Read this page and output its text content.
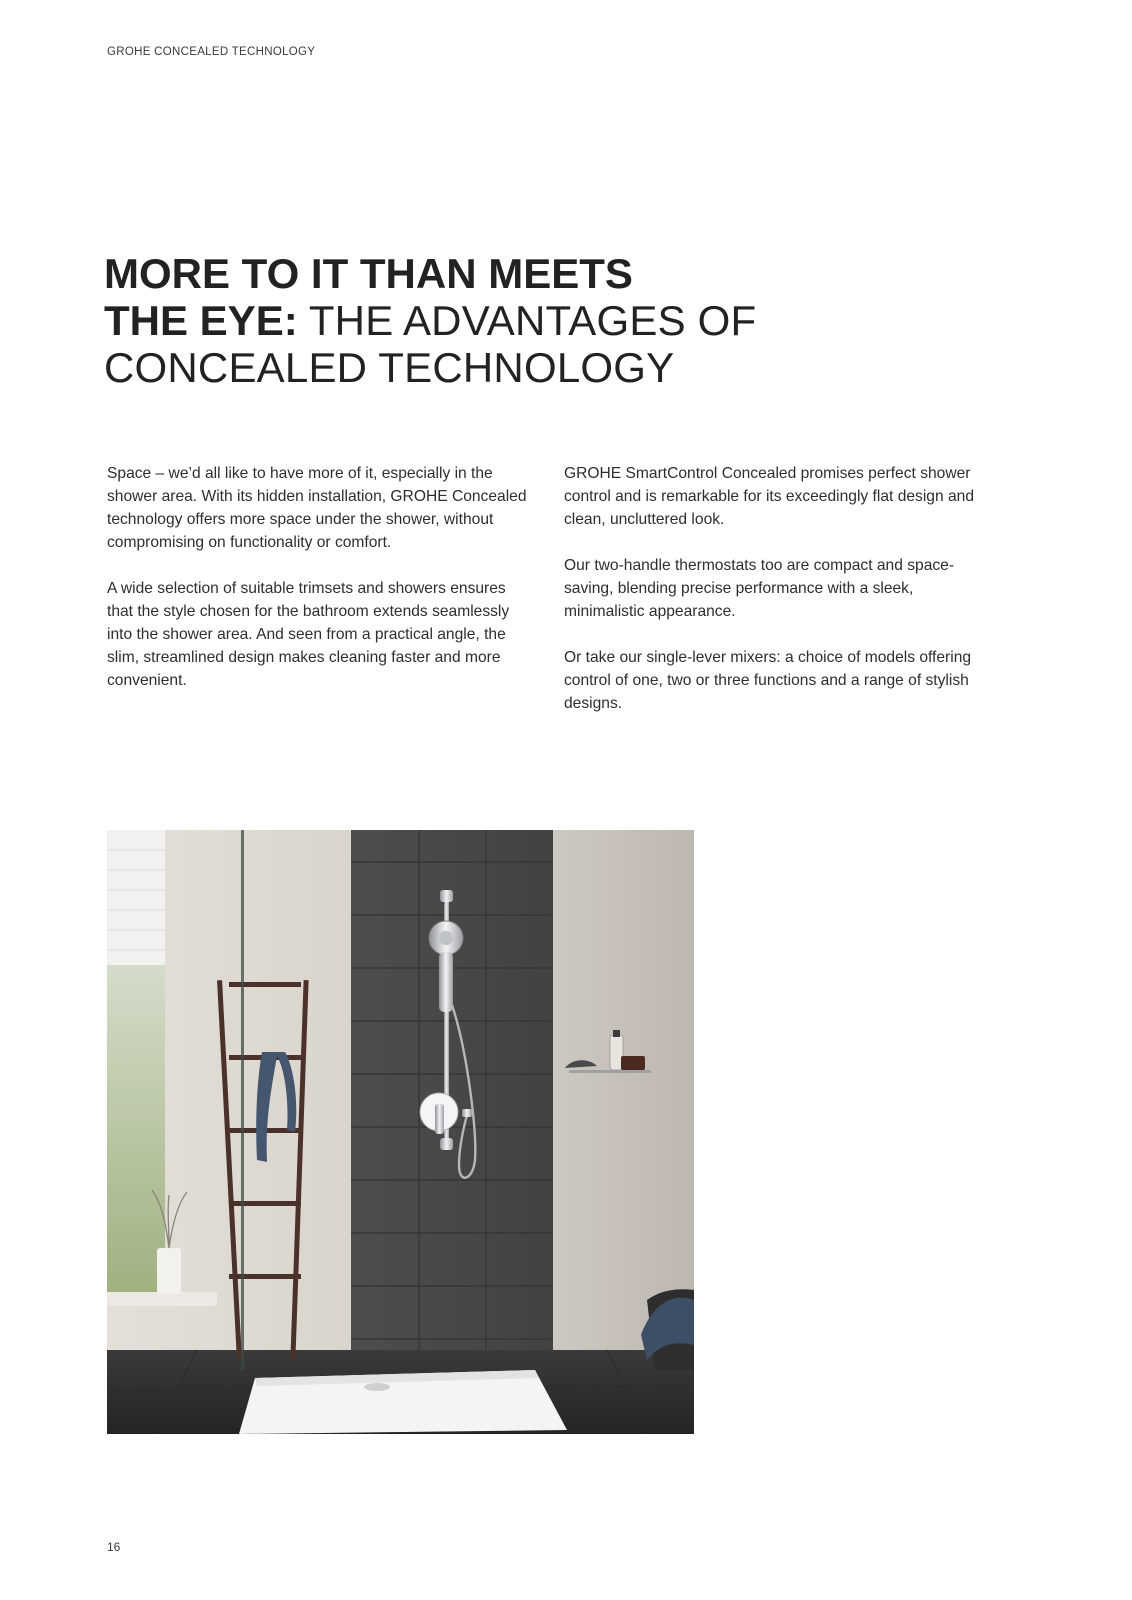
GROHE CONCEALED TECHNOLOGY
MORE TO IT THAN MEETS
THE EYE: THE ADVANTAGES OF
CONCEALED TECHNOLOGY

Space – we’d all like to have more of it, especially in the shower area. With its hidden installation, GROHE Concealed technology offers more space under the shower, without compromising on functionality or comfort.

A wide selection of suitable trimsets and showers ensures that the style chosen for the bathroom extends seamlessly into the shower area. And seen from a practical angle, the slim, streamlined design makes cleaning faster and more convenient.

GROHE SmartControl Concealed promises perfect shower control and is remarkable for its exceedingly flat design and clean, uncluttered look.

Our two-handle thermostats too are compact and space-saving, blending precise performance with a sleek, minimalistic appearance.

Or take our single-lever mixers: a choice of models offering control of one, two or three functions and a range of stylish designs.

16
